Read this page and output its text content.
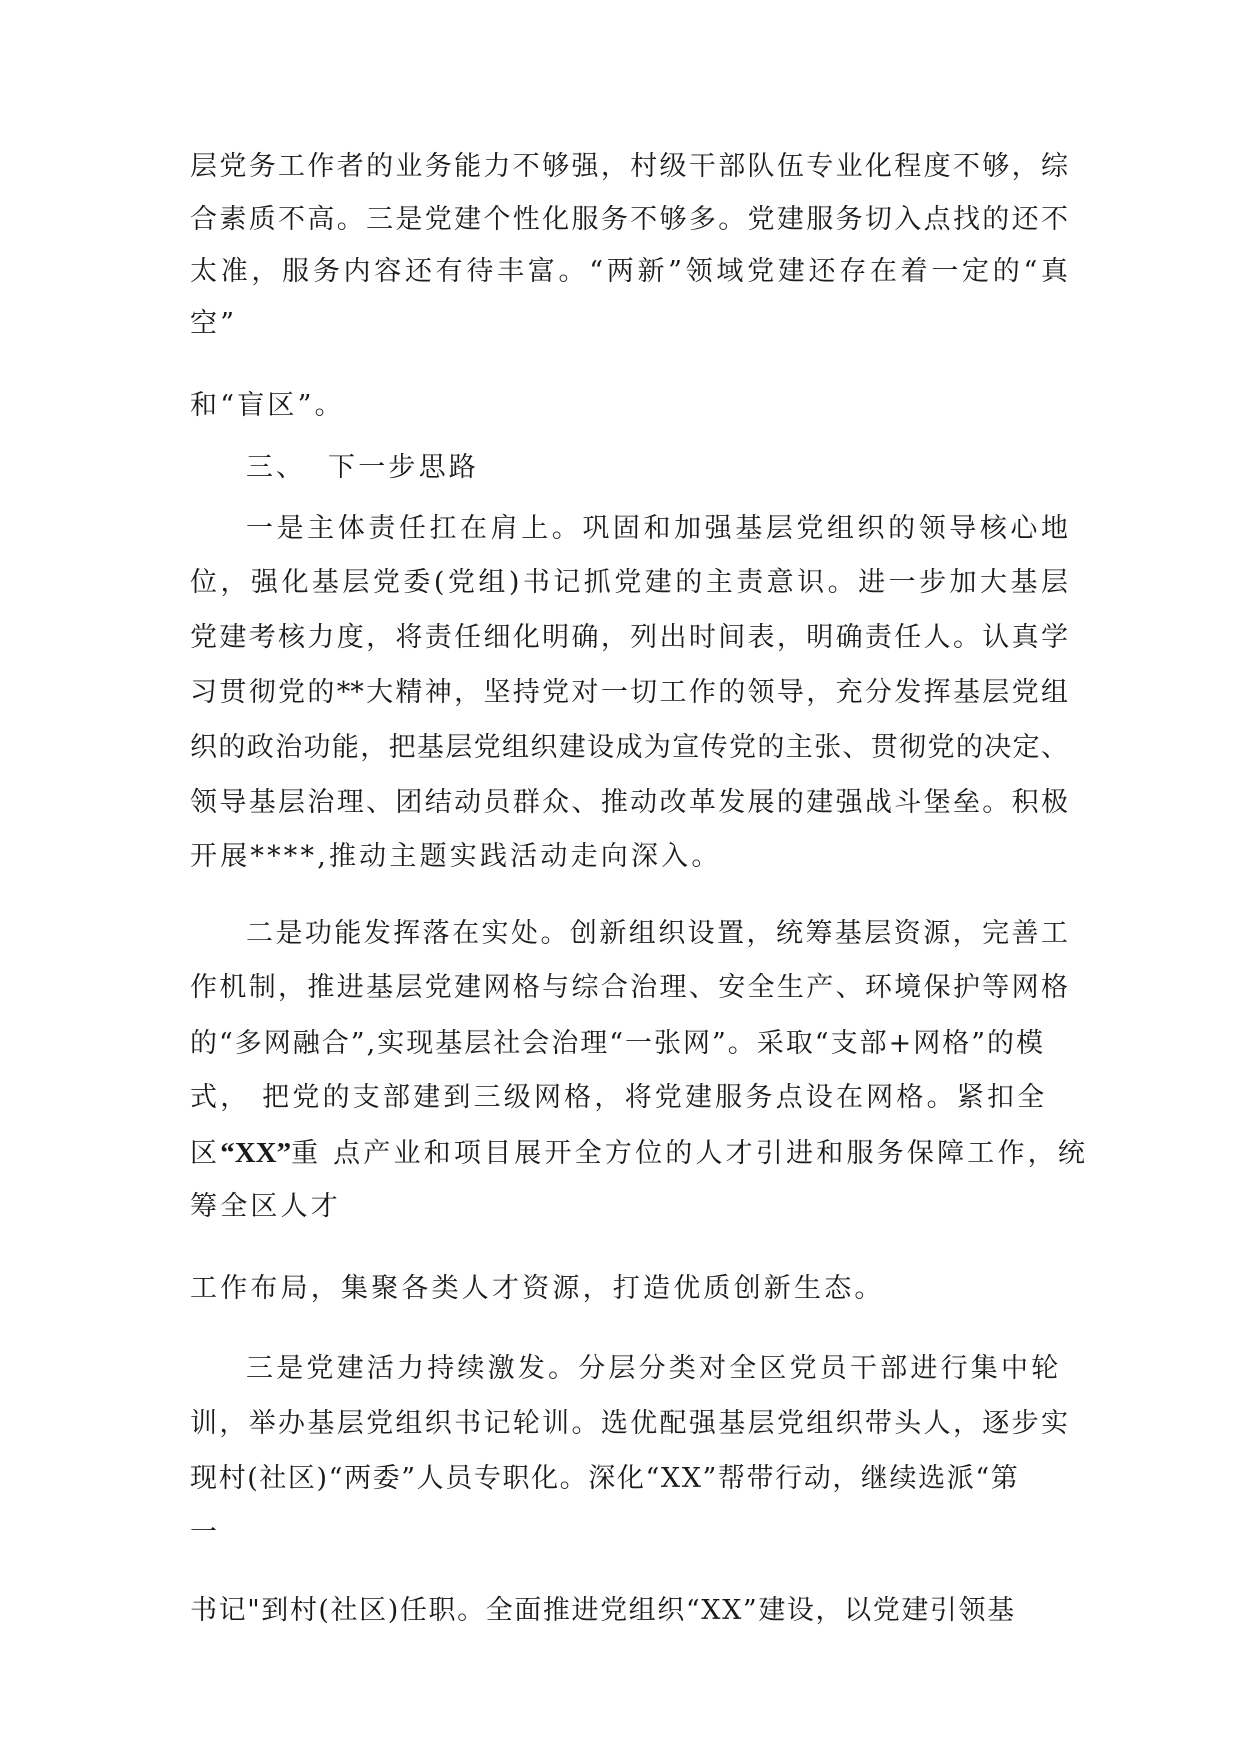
层党务工作者的业务能力不够强，村级干部队伍专业化程度不够，综

合素质不高。三是党建个性化服务不够多。党建服务切入点找的还不

太准，服务内容还有待丰富。“两新”领域党建还存在着一定的“真

空”

和“盲区”。

三、 下一步思路

一是主体责任扛在肩上。巩固和加强基层党组织的领导核心地

位，强化基层党委(党组)书记抓党建的主责意识。进一步加大基层

党建考核力度，将责任细化明确，列出时间表，明确责任人。认真学

习贯彻党的**大精神，坚持党对一切工作的领导，充分发挥基层党组

织的政治功能，把基层党组织建设成为宣传党的主张、贯彻党的决定、

领导基层治理、团结动员群众、推动改革发展的建强战斗堡垒。积极

开展****,推动主题实践活动走向深入。

二是功能发挥落在实处。创新组织设置，统筹基层资源，完善工

作机制，推进基层党建网格与综合治理、安全生产、环境保护等网格

的“多网融合”,实现基层社会治理“一张网”。采取“支部+网格”的模

式， 把党的支部建到三级网格，将党建服务点设在网格。紧扣全

区“XX”重 点产业和项目展开全方位的人才引进和服务保障工作，统

筹全区人才

工作布局，集聚各类人才资源，打造优质创新生态。

三是党建活力持续激发。分层分类对全区党员干部进行集中轮

训，举办基层党组织书记轮训。选优配强基层党组织带头人，逐步实

现村(社区)“两委”人员专职化。深化“XX”帮带行动，继续选派“第

一

书记"到村(社区)任职。全面推进党组织“XX”建设，以党建引领基
